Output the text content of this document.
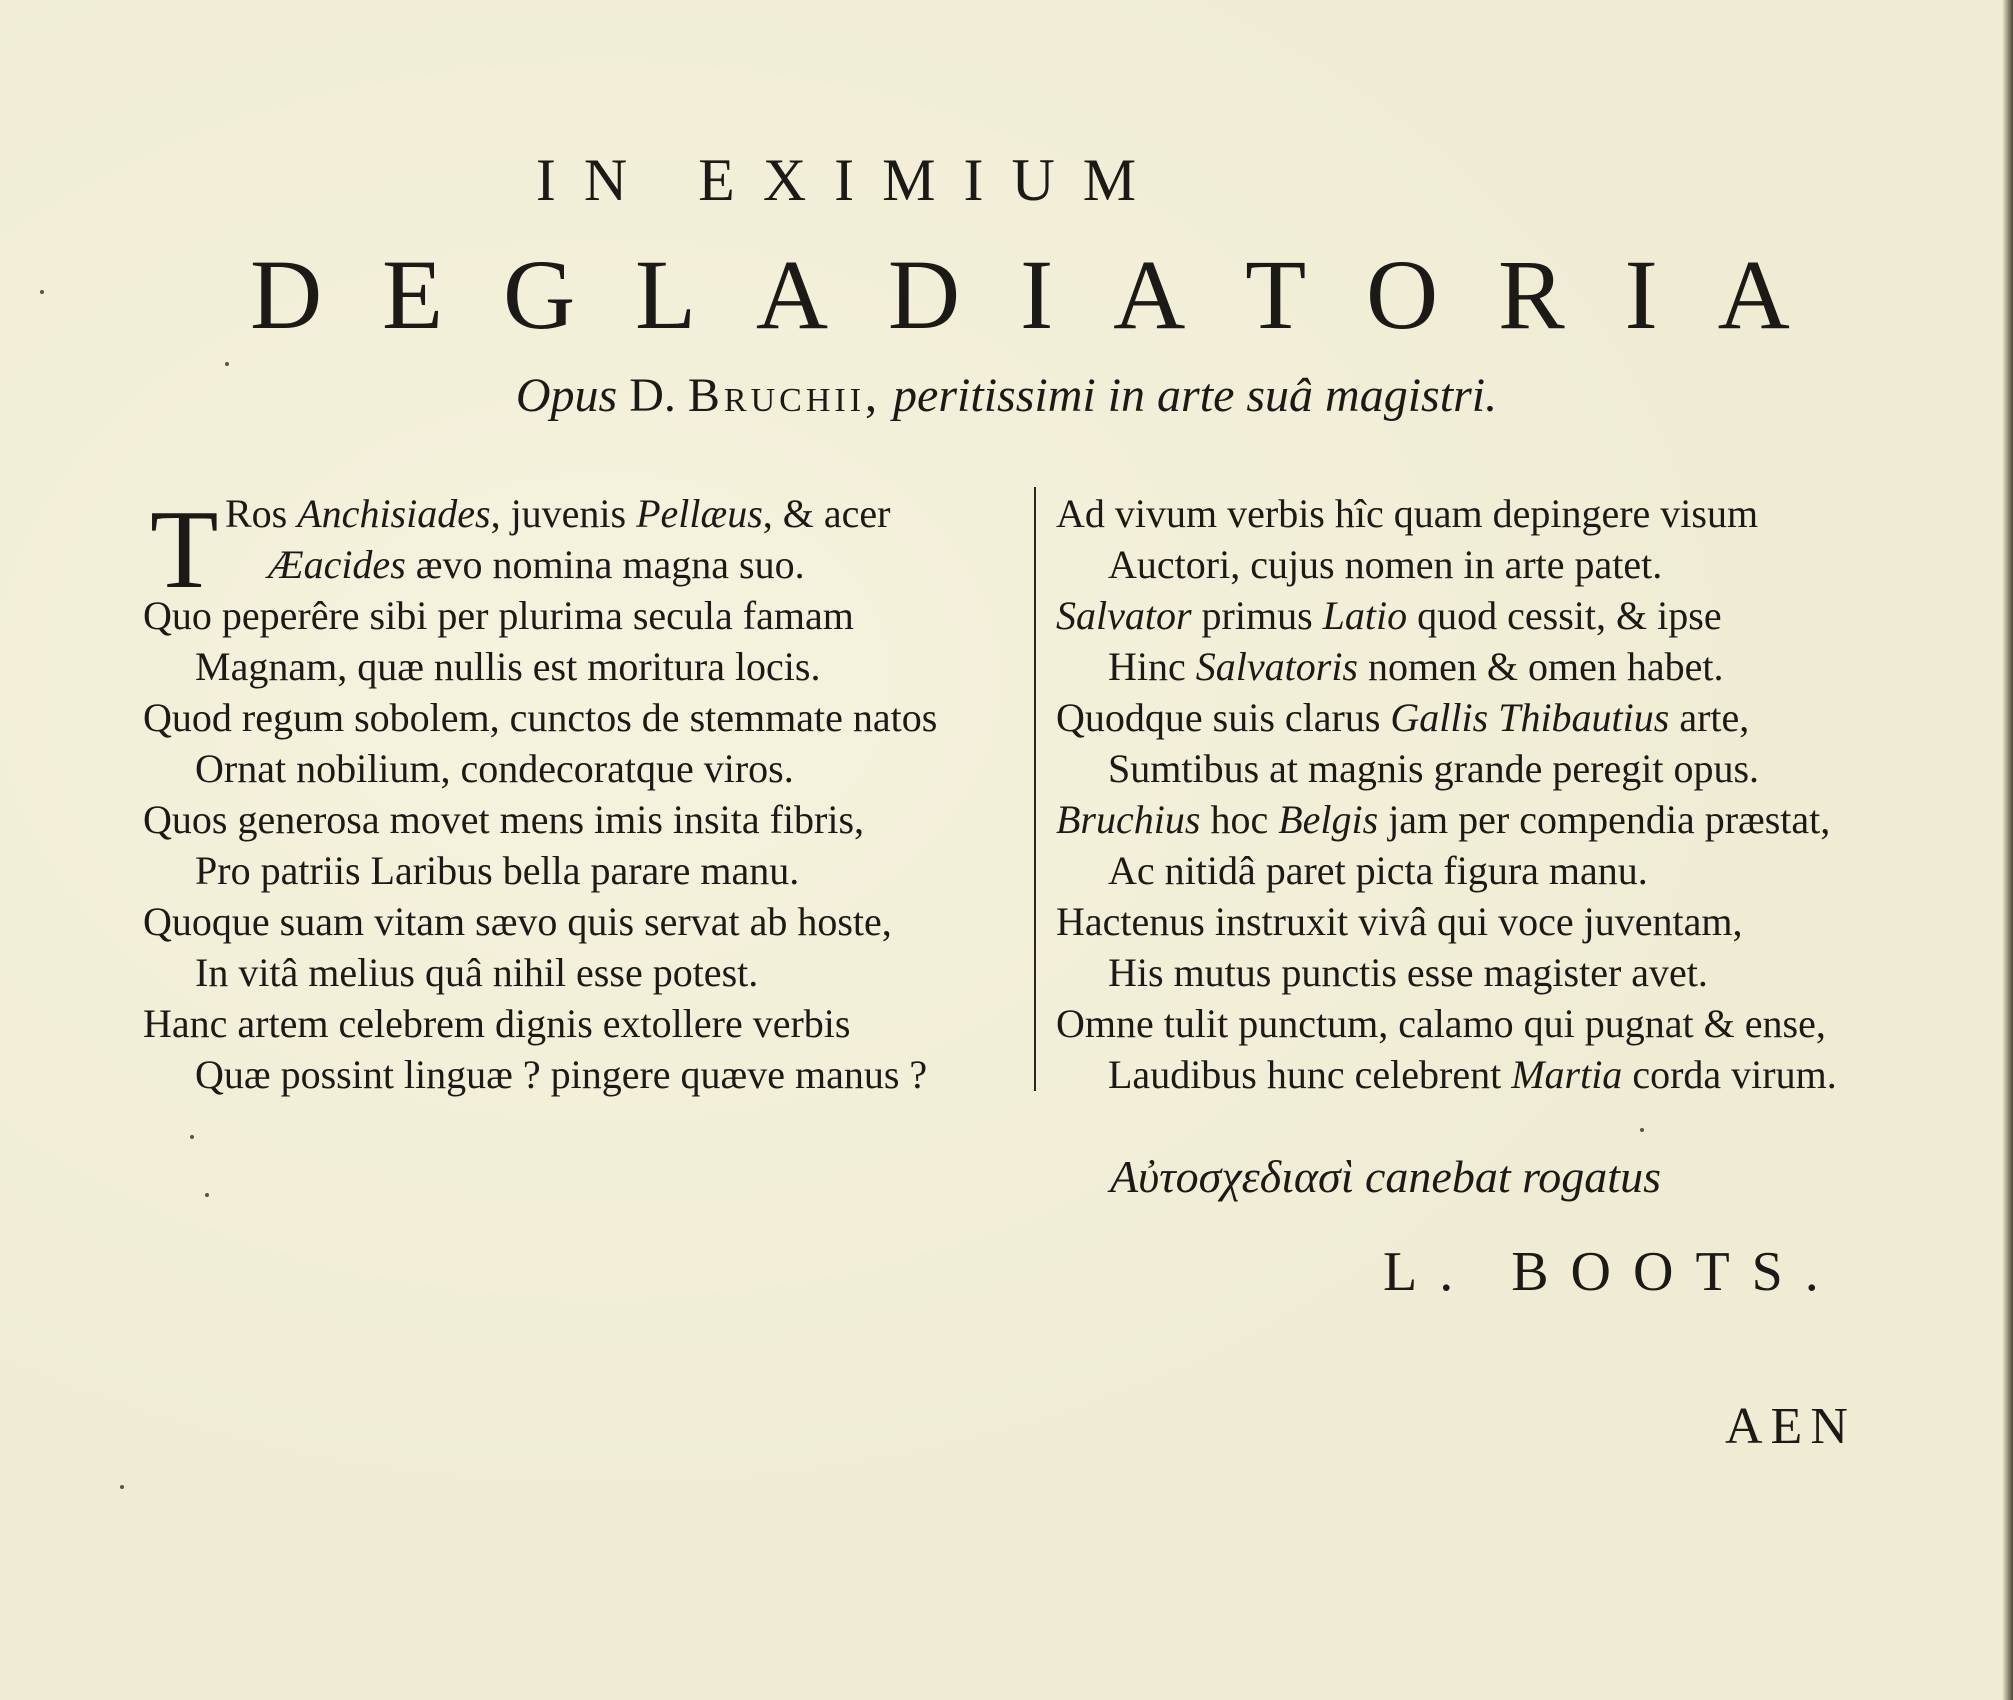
IN EXIMIUM
D E G L A D I A T O R I A
Opus D. Bruchii, peritissimi in arte suâ magistri.
T Ros Anchisiades, juvenis Pellæus, & acer
Æacides ævo nomina magna suo.
Quo peperêre sibi per plurima secula famam
Magnam, quæ nullis est moritura locis.
Quod regum sobolem, cunctos de stemmate natos
Ornat nobilium, condecoratque viros.
Quos generosa movet mens imis insita fibris,
Pro patriis Laribus bella parare manu.
Quoque suam vitam sævo quis servat ab hoste,
In vitâ melius quâ nihil esse potest.
Hanc artem celebrem dignis extollere verbis
Quæ possint linguæ ? pingere quæve manus ?
Ad vivum verbis hîc quam depingere visum
Auctori, cujus nomen in arte patet.
Salvator primus Latio quod cessit, & ipse
Hinc Salvatoris nomen & omen habet.
Quodque suis clarus Gallis Thibautius arte,
Sumtibus at magnis grande peregit opus.
Bruchius hoc Belgis jam per compendia præstat,
Ac nitidâ paret picta figura manu.
Hactenus instruxit vivâ qui voce juventam,
His mutus punctis esse magister avet.
Omne tulit punctum, calamo qui pugnat & ense,
Laudibus hunc celebrent Martia corda virum.
Αὐτοσχεδιασὶ canebat rogatus
L. BOOTS.
AEN
